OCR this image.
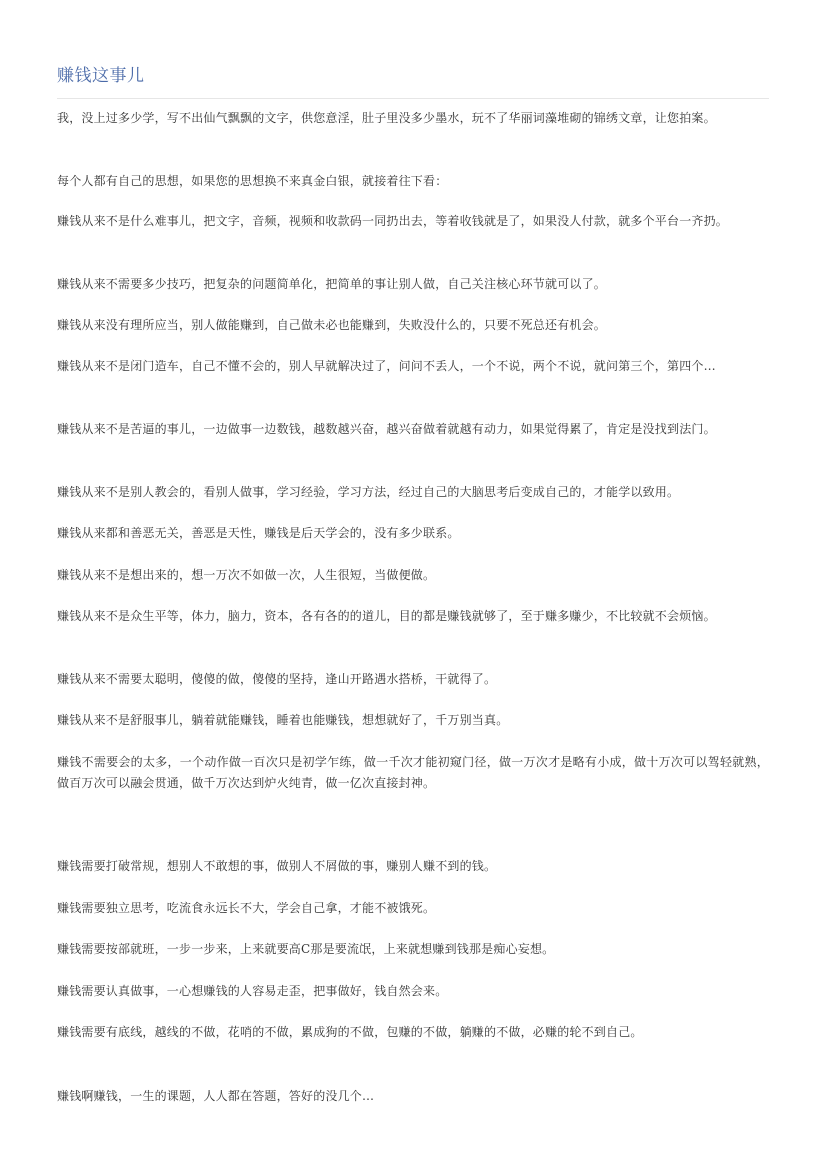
赚钱这事儿

我，没上过多少学，写不出仙气飘飘的文字，供您意淫，肚子里没多少墨水，玩不了华丽词藻堆砌的锦绣文章，让您拍案。

每个人都有自己的思想，如果您的思想换不来真金白银，就接着往下看：

赚钱从来不是什么难事儿，把文字，音频，视频和收款码一同扔出去，等着收钱就是了，如果没人付款，就多个平台一齐扔。

赚钱从来不需要多少技巧，把复杂的问题简单化，把简单的事让别人做，自己关注核心环节就可以了。

赚钱从来没有理所应当，别人做能赚到，自己做未必也能赚到，失败没什么的，只要不死总还有机会。

赚钱从来不是闭门造车，自己不懂不会的，别人早就解决过了，问问不丢人，一个不说，两个不说，就问第三个，第四个…

赚钱从来不是苦逼的事儿，一边做事一边数钱，越数越兴奋，越兴奋做着就越有动力，如果觉得累了，肯定是没找到法门。

赚钱从来不是别人教会的，看别人做事，学习经验，学习方法，经过自己的大脑思考后变成自己的，才能学以致用。

赚钱从来都和善恶无关，善恶是天性，赚钱是后天学会的，没有多少联系。

赚钱从来不是想出来的，想一万次不如做一次，人生很短，当做便做。

赚钱从来不是众生平等，体力，脑力，资本，各有各的的道儿，目的都是赚钱就够了，至于赚多赚少，不比较就不会烦恼。

赚钱从来不需要太聪明，傻傻的做，傻傻的坚持，逢山开路遇水搭桥，干就得了。

赚钱从来不是舒服事儿，躺着就能赚钱，睡着也能赚钱，想想就好了，千万别当真。

赚钱不需要会的太多，一个动作做一百次只是初学乍练，做一千次才能初窥门径，做一万次才是略有小成，做十万次可以驾轻就熟，做百万次可以融会贯通，做千万次达到炉火纯青，做一亿次直接封神。

赚钱需要打破常规，想别人不敢想的事，做别人不屑做的事，赚别人赚不到的钱。

赚钱需要独立思考，吃流食永远长不大，学会自己拿，才能不被饿死。

赚钱需要按部就班，一步一步来，上来就要高C那是要流氓，上来就想赚到钱那是痴心妄想。

赚钱需要认真做事，一心想赚钱的人容易走歪，把事做好，钱自然会来。

赚钱需要有底线，越线的不做，花哨的不做，累成狗的不做，包赚的不做，躺赚的不做，必赚的轮不到自己。

赚钱啊赚钱，一生的课题，人人都在答题，答好的没几个…
